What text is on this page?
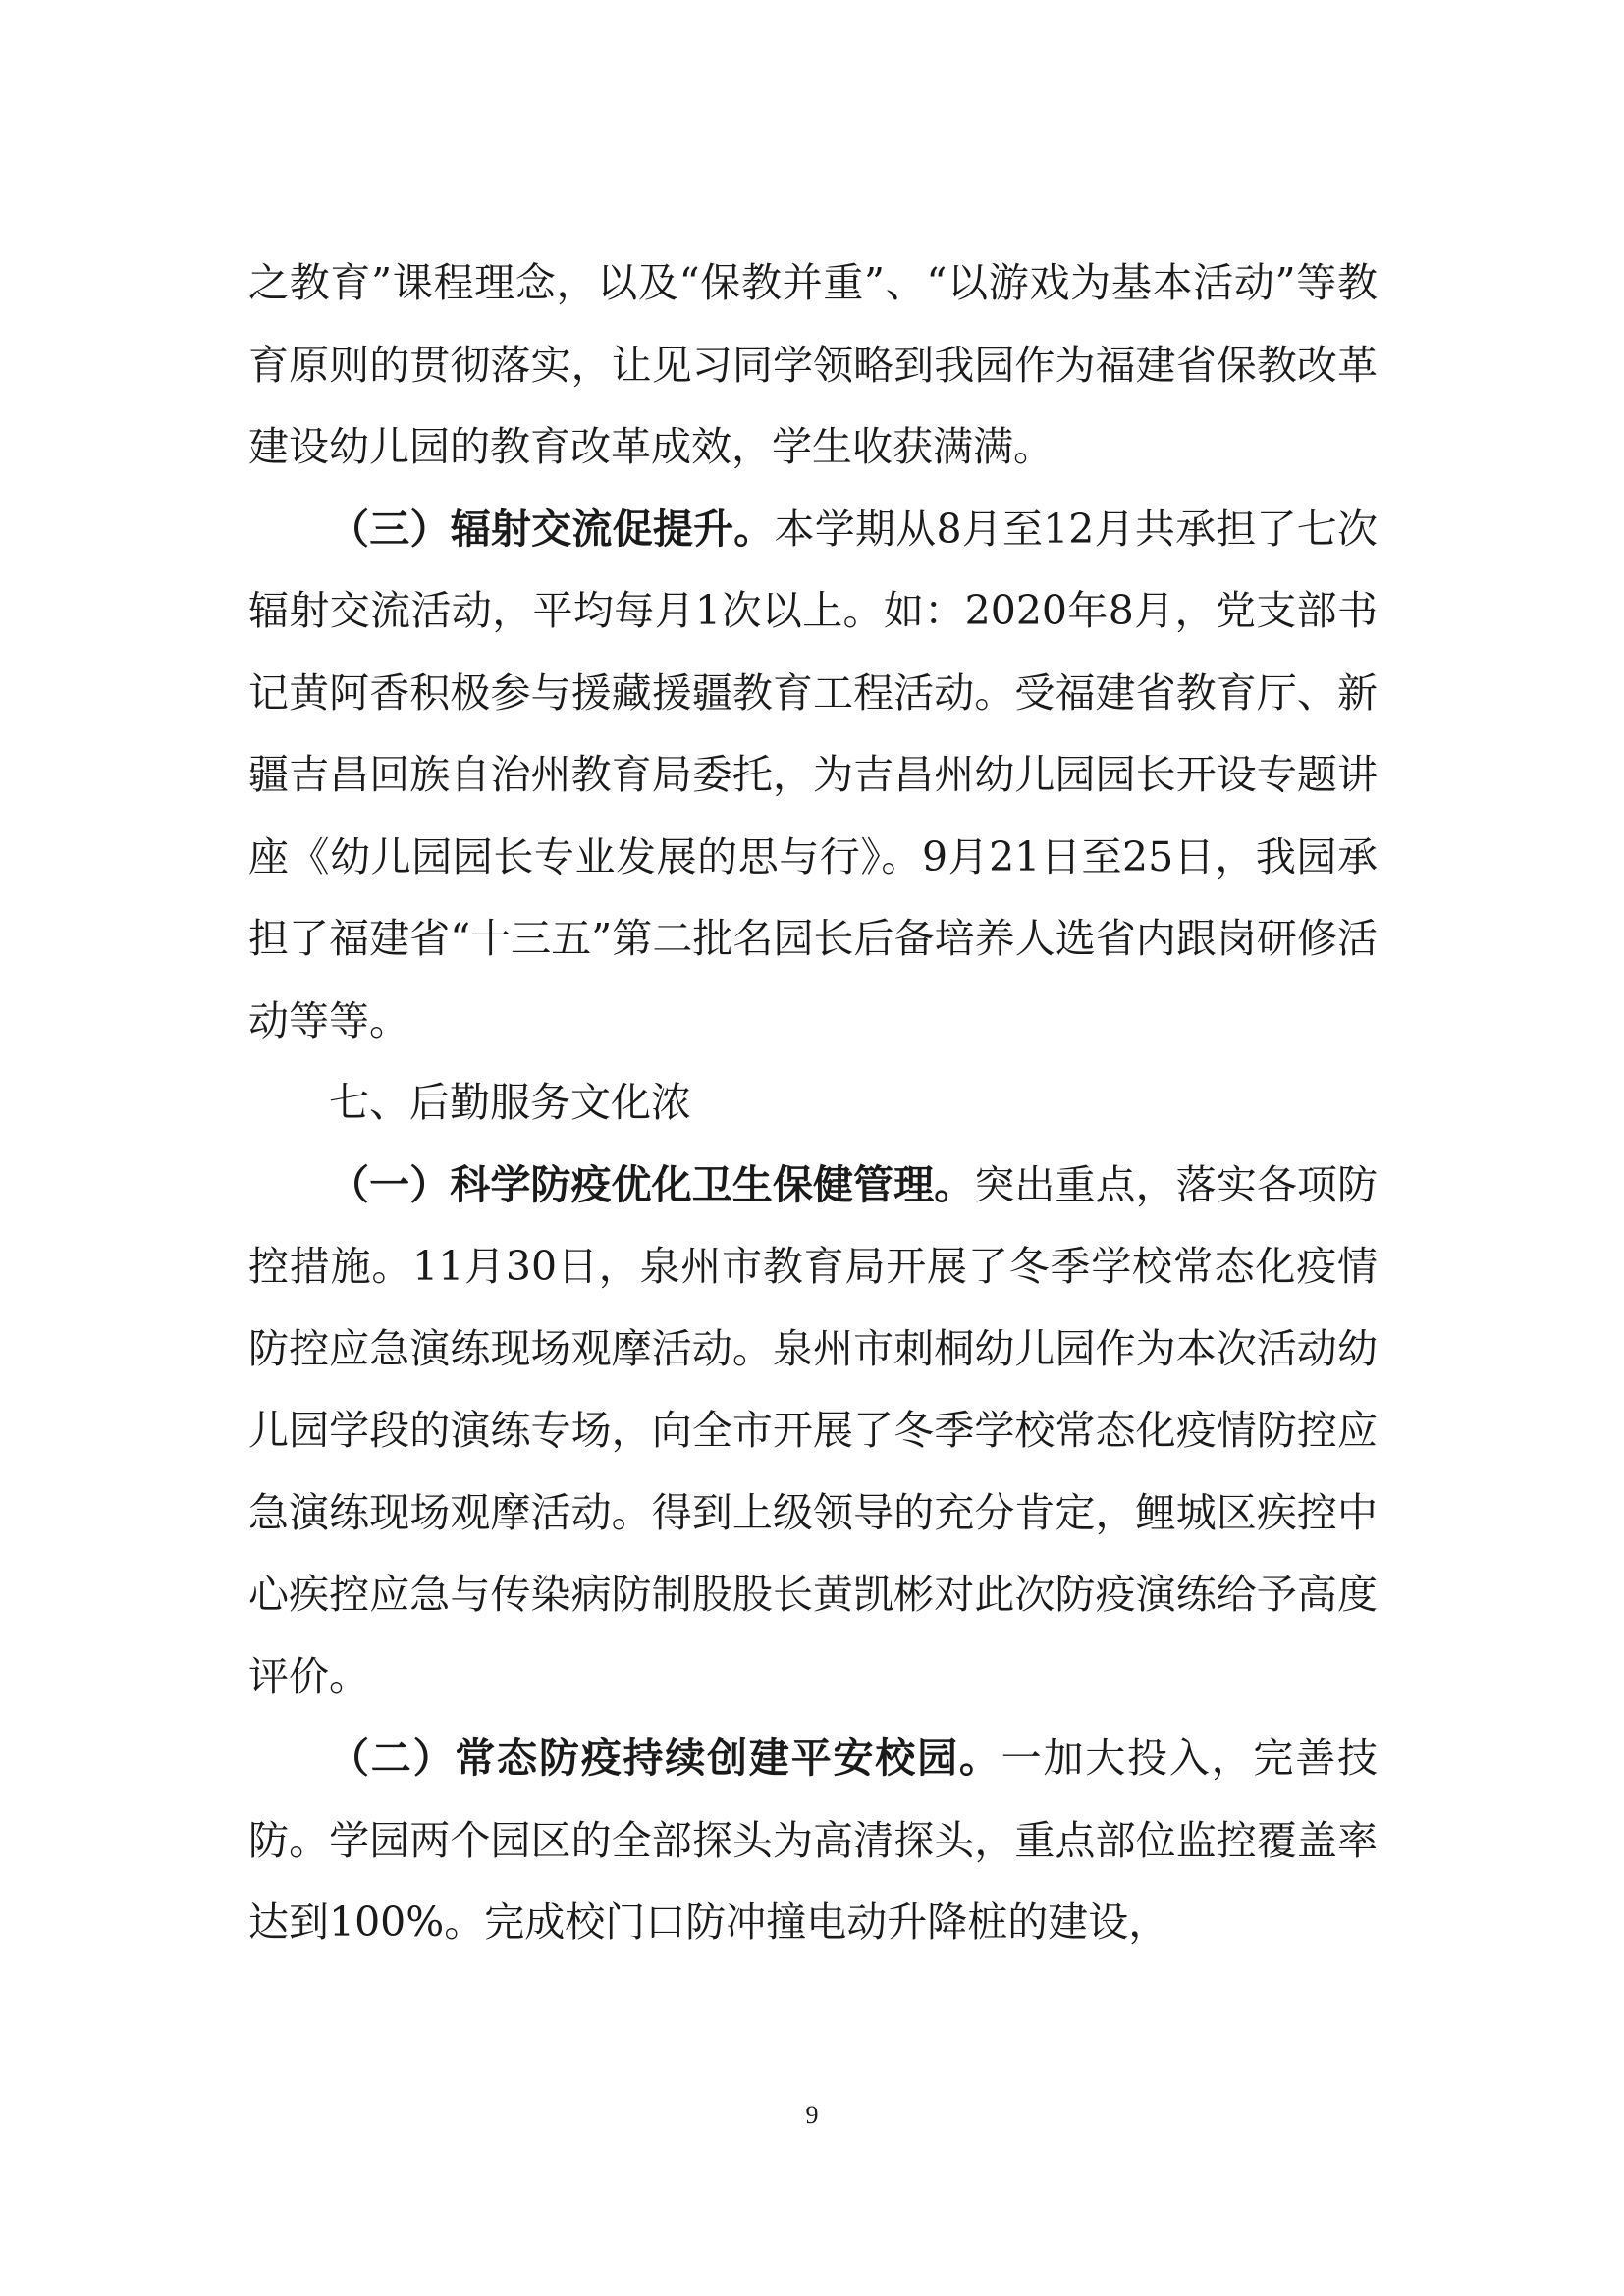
之教育”课程理念，以及“保教并重”、“以游戏为基本活动”等教育原则的贯彻落实，让见习同学领略到我园作为福建省保教改革建设幼儿园的教育改革成效，学生收获满满。

（三）辐射交流促提升。本学期从8月至12月共承担了七次辐射交流活动，平均每月1次以上。如：2020年8月，党支部书记黄阿香积极参与援藏援疆教育工程活动。受福建省教育厅、新疆吉昌回族自治州教育局委托，为吉昌州幼儿园园长开设专题讲座《幼儿园园长专业发展的思与行》。9月21日至25日，我园承担了福建省“十三五”第二批名园长后备培养人选省内跟岗研修活动等等。

七、后勤服务文化浓

（一）科学防疫优化卫生保健管理。突出重点，落实各项防控措施。11月30日，泉州市教育局开展了冬季学校常态化疫情防控应急演练现场观摩活动。泉州市刺桐幼儿园作为本次活动幼儿园学段的演练专场，向全市开展了冬季学校常态化疫情防控应急演练现场观摩活动。得到上级领导的充分肯定，鲤城区疾控中心疾控应急与传染病防制股股长黄凯彬对此次防疫演练给予高度评价。

（二）常态防疫持续创建平安校园。一加大投入，完善技防。学园两个园区的全部探头为高清探头，重点部位监控覆盖率达到100%。完成校门口防冲撞电动升降桩的建设，

9
